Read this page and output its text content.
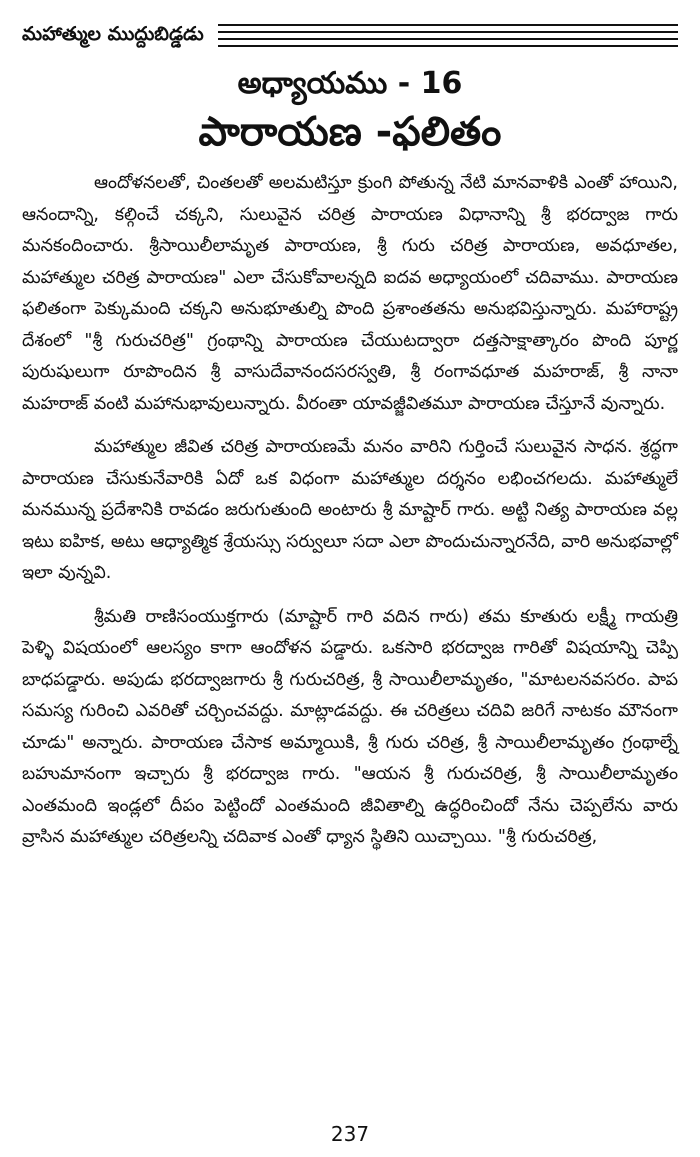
మహాత్ముల ముద్దుబిడ్డడు
అధ్యాయము - 16
పారాయణ -ఫలితం

ఆందోళనలతో, చింతలతో అలమటిస్తూ క్రుంగి పోతున్న నేటి మానవాళికి ఎంతో హాయిని, ఆనందాన్ని, కల్గించే చక్కని, సులువైన చరిత్ర పారాయణ విధానాన్ని శ్రీ భరద్వాజ గారు మనకందించారు. శ్రీసాయిలీలామృత పారాయణ, శ్రీ గురు చరిత్ర పారాయణ, అవధూతల, మహాత్ముల చరిత్ర పారాయణ" ఎలా చేసుకోవాలన్నది ఐదవ అధ్యాయంలో చదివాము. పారాయణ ఫలితంగా పెక్కుమంది చక్కని అనుభూతుల్ని పొంది ప్రశాంతతను అనుభవిస్తున్నారు. మహారాష్ట్ర దేశంలో "శ్రీ గురుచరిత్ర" గ్రంథాన్ని పారాయణ చేయుటద్వారా దత్తసాక్షాత్కారం పొంది పూర్ణ పురుషులుగా రూపొందిన శ్రీ వాసుదేవానందసరస్వతి, శ్రీ రంగావధూత మహరాజ్, శ్రీ నానా మహరాజ్ వంటి మహానుభావులున్నారు. వీరంతా యావజ్జీవితమూ పారాయణ చేస్తూనే వున్నారు.

మహాత్ముల జీవిత చరిత్ర పారాయణమే మనం వారిని గుర్తించే సులువైన సాధన. శ్రద్ధగా పారాయణ చేసుకునేవారికి ఏదో ఒక విధంగా మహాత్ముల దర్శనం లభించగలదు. మహాత్ములే మనమున్న ప్రదేశానికి రావడం జరుగుతుంది అంటారు శ్రీ మాష్టార్ గారు. అట్టి నిత్య పారాయణ వల్ల ఇటు ఐహిక, అటు ఆధ్యాత్మిక శ్రేయస్సు సర్వులూ సదా ఎలా పొందుచున్నారనేది, వారి అనుభవాల్లో ఇలా వున్నవి.

శ్రీమతి రాణిసంయుక్తగారు (మాష్టార్ గారి వదిన గారు) తమ కూతురు లక్ష్మీ గాయత్రి పెళ్ళి విషయంలో ఆలస్యం కాగా ఆందోళన పడ్డారు. ఒకసారి భరద్వాజ గారితో విషయాన్ని చెప్పి బాధపడ్డారు. అపుడు భరద్వాజగారు శ్రీ గురుచరిత్ర, శ్రీ సాయిలీలామృతం, "మాటలనవసరం. పాప సమస్య గురించి ఎవరితో చర్చించవద్దు. మాట్లాడవద్దు. ఈ చరిత్రలు చదివి జరిగే నాటకం మౌనంగా చూడు" అన్నారు. పారాయణ చేసాక అమ్మాయికి, శ్రీ గురు చరిత్ర, శ్రీ సాయిలీలామృతం గ్రంథాల్నే బహుమానంగా ఇచ్చారు శ్రీ భరద్వాజ గారు. "ఆయన శ్రీ గురుచరిత్ర, శ్రీ సాయిలీలామృతం ఎంతమంది ఇండ్లలో దీపం పెట్టిందో ఎంతమంది జీవితాల్ని ఉద్ధరించిందో నేను చెప్పలేను వారు వ్రాసిన మహాత్ముల చరిత్రలన్ని చదివాక ఎంతో ధ్యాన స్థితిని యిచ్చాయి. "శ్రీ గురుచరిత్ర,

237
